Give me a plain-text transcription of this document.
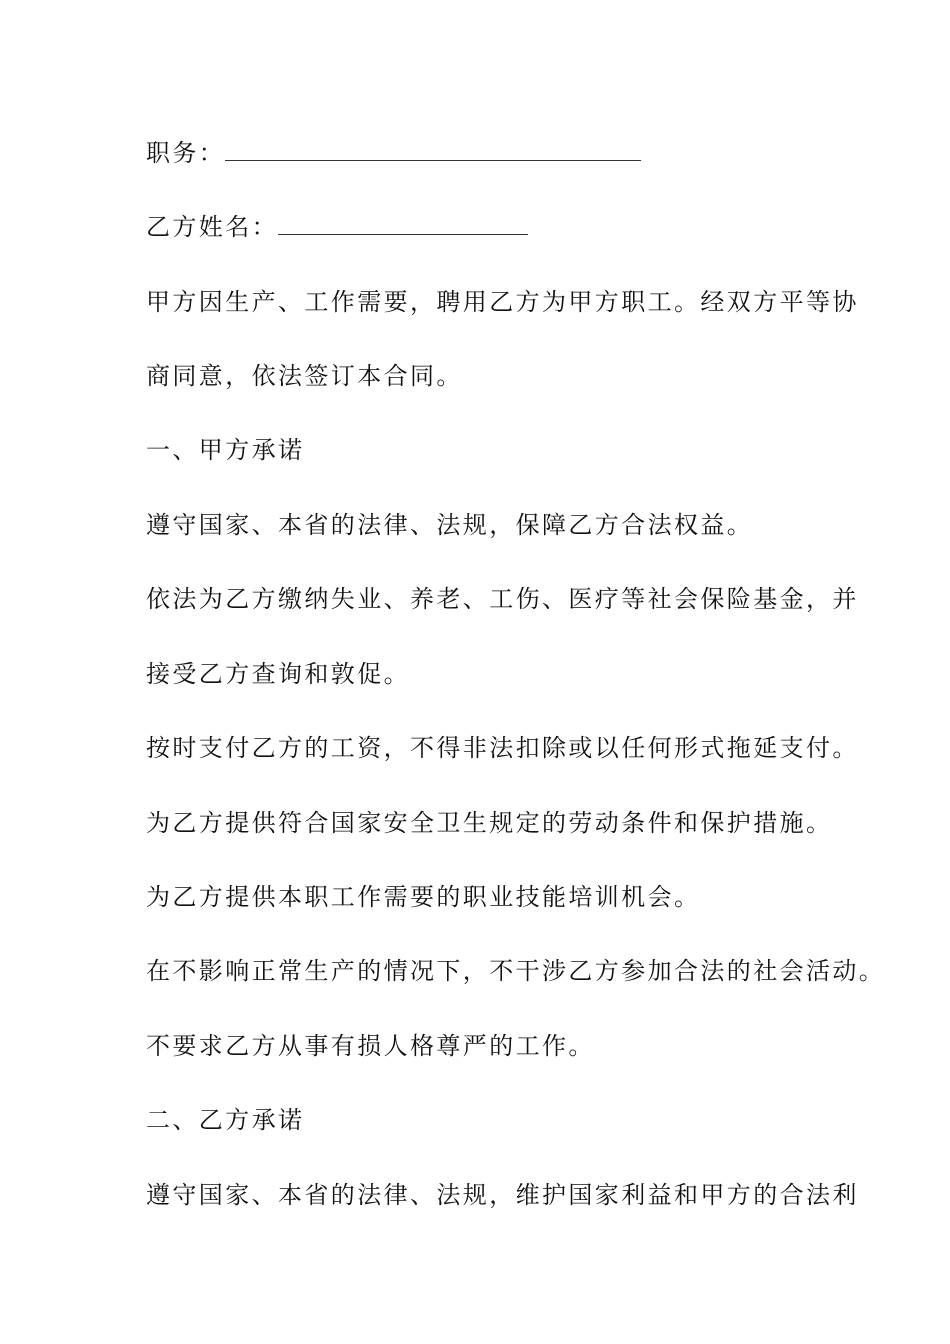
职务：
乙方姓名：
甲方因生产、工作需要，聘用乙方为甲方职工。经双方平等协
商同意，依法签订本合同。
一、甲方承诺
遵守国家、本省的法律、法规，保障乙方合法权益。
依法为乙方缴纳失业、养老、工伤、医疗等社会保险基金，并
接受乙方查询和敦促。
按时支付乙方的工资，不得非法扣除或以任何形式拖延支付。
为乙方提供符合国家安全卫生规定的劳动条件和保护措施。
为乙方提供本职工作需要的职业技能培训机会。
在不影响正常生产的情况下，不干涉乙方参加合法的社会活动。
不要求乙方从事有损人格尊严的工作。
二、乙方承诺
遵守国家、本省的法律、法规，维护国家利益和甲方的合法利
